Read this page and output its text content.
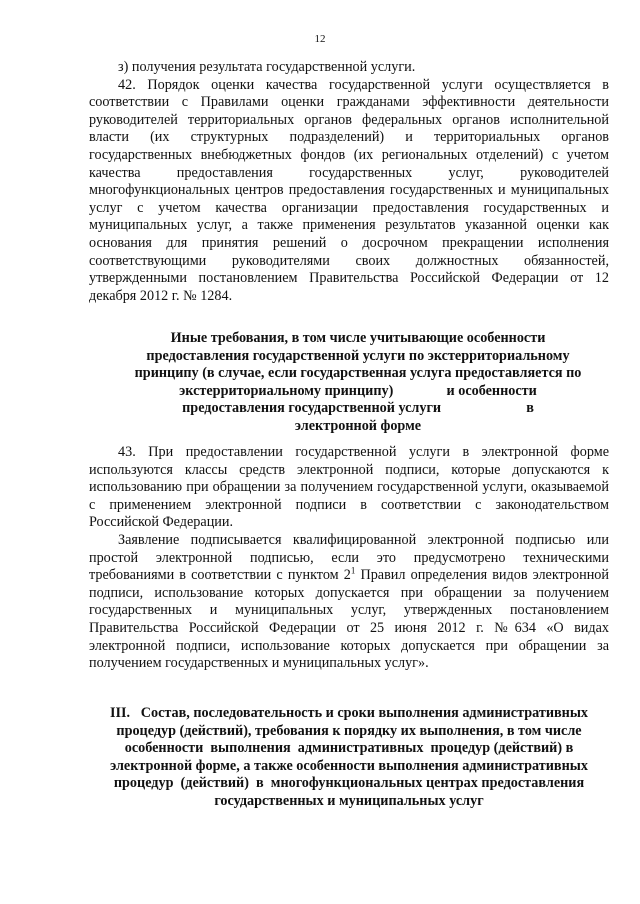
12

з) получения результата государственной услуги.

42. Порядок оценки качества государственной услуги осуществляется в соответствии с Правилами оценки гражданами эффективности деятельности руководителей территориальных органов федеральных органов исполнительной власти (их структурных подразделений) и территориальных органов государственных внебюджетных фондов (их региональных отделений) с учетом качества предоставления государственных услуг, руководителей многофункциональных центров предоставления государственных и муниципальных услуг с учетом качества организации предоставления государственных и муниципальных услуг, а также применения результатов указанной оценки как основания для принятия решений о досрочном прекращении исполнения соответствующими руководителями своих должностных обязанностей, утвержденными постановлением Правительства Российской Федерации от 12 декабря 2012 г. № 1284.

Иные требования, в том числе учитывающие особенности
предоставления государственной услуги по экстерриториальному
принципу (в случае, если государственная услуга предоставляется по
экстерриториальному принципу)               и особенности
предоставления государственной услуги                        в
электронной форме

43. При предоставлении государственной услуги в электронной форме используются классы средств электронной подписи, которые допускаются к использованию при обращении за получением государственной услуги, оказываемой с применением электронной подписи в соответствии с законодательством Российской Федерации.

Заявление подписывается квалифицированной электронной подписью или простой электронной подписью, если это предусмотрено техническими требованиями в соответствии с пунктом $2^1$ Правил определения видов электронной подписи, использование которых допускается при обращении за получением государственных и муниципальных услуг, утвержденных постановлением Правительства Российской Федерации от 25 июня 2012 г. №634 «О видах электронной подписи, использование которых допускается при обращении за получением государственных и муниципальных услуг».

III.   Состав, последовательность и сроки выполнения административных
процедур (действий), требования к порядку их выполнения, в том числе
особенности  выполнения  административных  процедур (действий) в
электронной форме, а также особенности выполнения административных
процедур  (действий)  в  многофункциональных центрах предоставления
государственных и муниципальных услуг
